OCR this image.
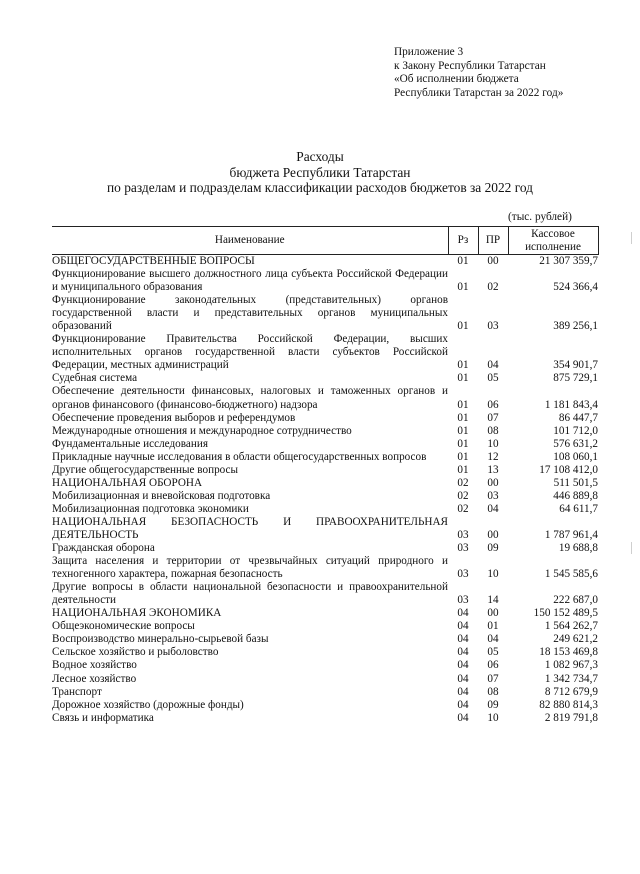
Приложение 3
к Закону Республики Татарстан
«Об исполнении бюджета
Республики Татарстан за 2022 год»
Расходы
бюджета Республики Татарстан
по разделам и подразделам классификации расходов бюджетов за 2022 год
(тыс. рублей)
Наименование	Рз	ПР	Кассовое исполнение
ОБЩЕГОСУДАРСТВЕННЫЕ ВОПРОСЫ	01	00	21 307 359,7
Функционирование высшего должностного лица субъекта Российской Федерации и муниципального образования	01	02	524 366,4
Функционирование законодательных (представительных) органов государственной власти и представительных органов муниципальных образований	01	03	389 256,1
Функционирование Правительства Российской Федерации, высших исполнительных органов государственной власти субъектов Российской Федерации, местных администраций	01	04	354 901,7
Судебная система	01	05	875 729,1
Обеспечение деятельности финансовых, налоговых и таможенных органов и органов финансового (финансово-бюджетного) надзора	01	06	1 181 843,4
Обеспечение проведения выборов и референдумов	01	07	86 447,7
Международные отношения и международное сотрудничество	01	08	101 712,0
Фундаментальные исследования	01	10	576 631,2
Прикладные научные исследования в области общегосударственных вопросов	01	12	108 060,1
Другие общегосударственные вопросы	01	13	17 108 412,0
НАЦИОНАЛЬНАЯ ОБОРОНА	02	00	511 501,5
Мобилизационная и вневойсковая подготовка	02	03	446 889,8
Мобилизационная подготовка экономики	02	04	64 611,7
НАЦИОНАЛЬНАЯ БЕЗОПАСНОСТЬ И ПРАВООХРАНИТЕЛЬНАЯ ДЕЯТЕЛЬНОСТЬ	03	00	1 787 961,4
Гражданская оборона	03	09	19 688,8
Защита населения и территории от чрезвычайных ситуаций природного и техногенного характера, пожарная безопасность	03	10	1 545 585,6
Другие вопросы в области национальной безопасности и правоохранительной деятельности	03	14	222 687,0
НАЦИОНАЛЬНАЯ ЭКОНОМИКА	04	00	150 152 489,5
Общеэкономические вопросы	04	01	1 564 262,7
Воспроизводство минерально-сырьевой базы	04	04	249 621,2
Сельское хозяйство и рыболовство	04	05	18 153 469,8
Водное хозяйство	04	06	1 082 967,3
Лесное хозяйство	04	07	1 342 734,7
Транспорт	04	08	8 712 679,9
Дорожное хозяйство (дорожные фонды)	04	09	82 880 814,3
Связь и информатика	04	10	2 819 791,8
